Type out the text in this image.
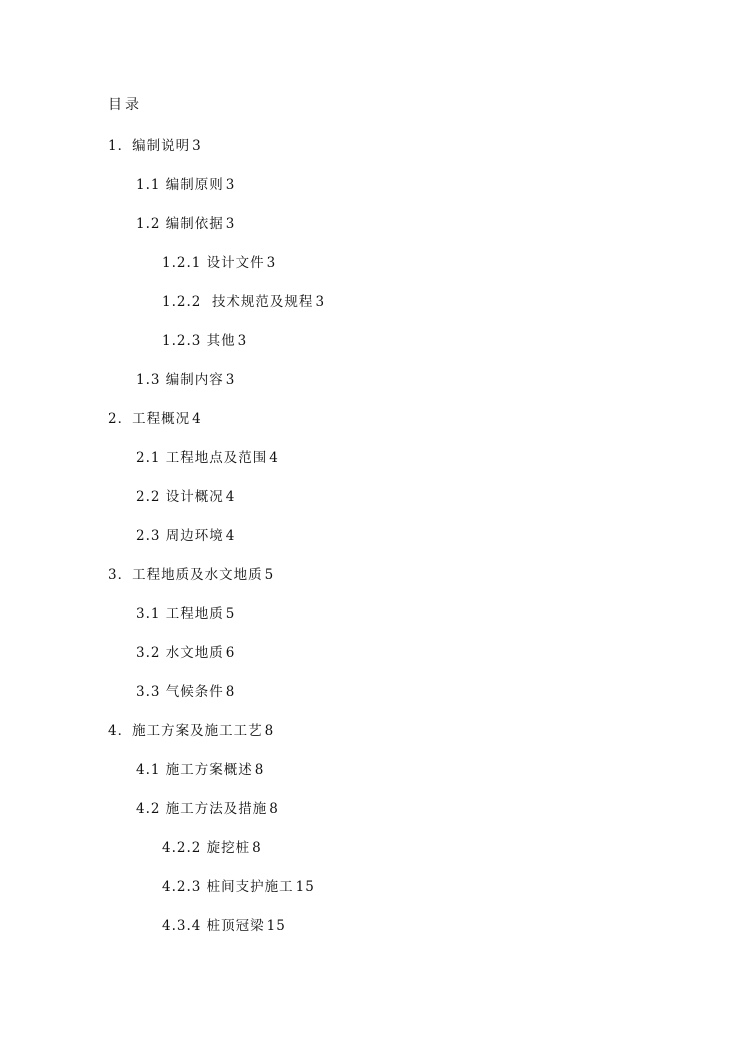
目录
1．编制说明 3
1.1 编制原则 3
1.2 编制依据 3
1.2.1 设计文件 3
1.2.2  技术规范及规程 3
1.2.3 其他 3
1.3 编制内容 3
2．工程概况 4
2.1 工程地点及范围 4
2.2 设计概况 4
2.3 周边环境 4
3．工程地质及水文地质 5
3.1 工程地质 5
3.2 水文地质 6
3.3 气候条件 8
4．施工方案及施工工艺 8
4.1 施工方案概述 8
4.2 施工方法及措施 8
4.2.2 旋挖桩 8
4.2.3 桩间支护施工 15
4.3.4 桩顶冠梁 15
